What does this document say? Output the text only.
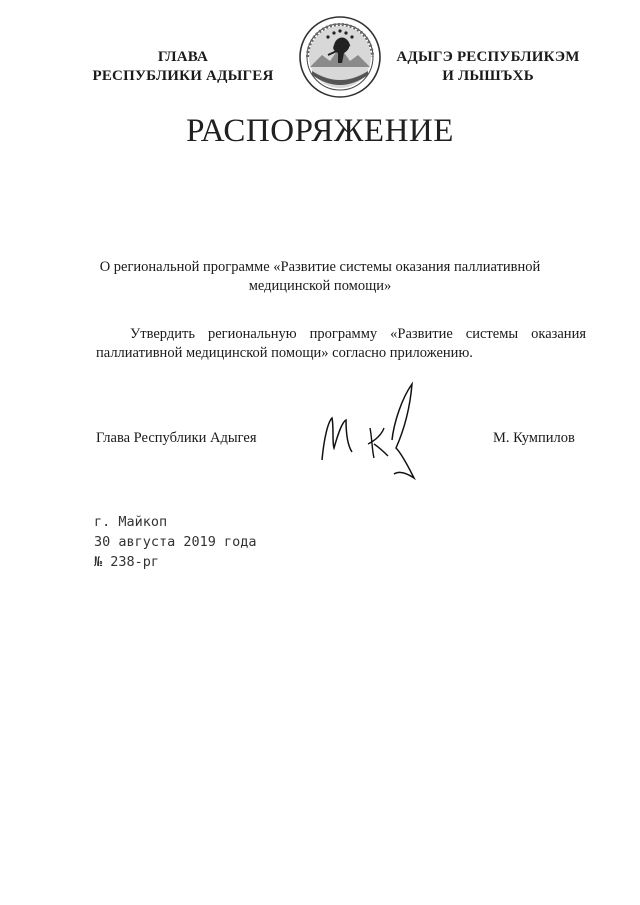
ГЛАВА
РЕСПУБЛИКИ АДЫГЕЯ
АДЫГЭ РЕСПУБЛИКЭМ
И ЛЫШЪХЬ
РАСПОРЯЖЕНИЕ
О региональной программе «Развитие системы оказания паллиативной
медицинской помощи»
Утвердить региональную программу «Развитие системы оказания паллиативной медицинской помощи» согласно приложению.
Глава Республики Адыгея	М. Кумпилов
г. Майкоп
30 августа 2019 года
№ 238-рг
